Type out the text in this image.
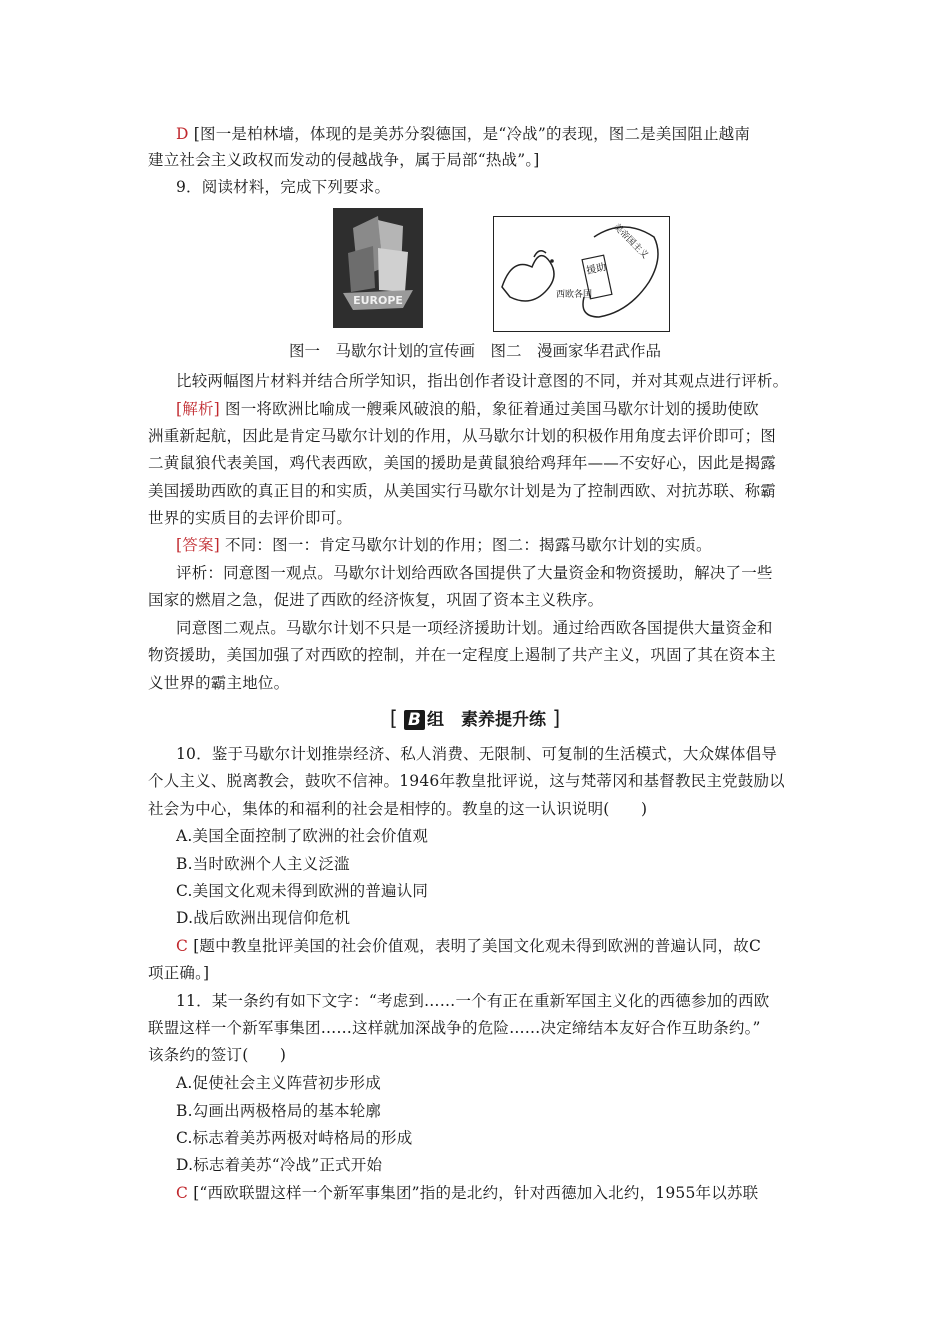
D [图一是柏林墙，体现的是美苏分裂德国，是“冷战”的表现，图二是美国阻止越南
建立社会主义政权而发动的侵越战争，属于局部“热战”。]
9．阅读材料，完成下列要求。
EUROPE
援助
美帝国主义
西欧各国
图一　马歇尔计划的宣传画　图二　漫画家华君武作品
比较两幅图片材料并结合所学知识，指出创作者设计意图的不同，并对其观点进行评析。
[解析] 图一将欧洲比喻成一艘乘风破浪的船，象征着通过美国马歇尔计划的援助使欧
洲重新起航，因此是肯定马歇尔计划的作用，从马歇尔计划的积极作用角度去评价即可；图
二黄鼠狼代表美国，鸡代表西欧，美国的援助是黄鼠狼给鸡拜年——不安好心，因此是揭露
美国援助西欧的真正目的和实质，从美国实行马歇尔计划是为了控制西欧、对抗苏联、称霸
世界的实质目的去评价即可。
[答案] 不同：图一：肯定马歇尔计划的作用；图二：揭露马歇尔计划的实质。
评析：同意图一观点。马歇尔计划给西欧各国提供了大量资金和物资援助，解决了一些
国家的燃眉之急，促进了西欧的经济恢复，巩固了资本主义秩序。
同意图二观点。马歇尔计划不只是一项经济援助计划。通过给西欧各国提供大量资金和
物资援助，美国加强了对西欧的控制，并在一定程度上遏制了共产主义，巩固了其在资本主
义世界的霸主地位。
[ B 组　素养提升练 ]
10．鉴于马歇尔计划推崇经济、私人消费、无限制、可复制的生活模式，大众媒体倡导
个人主义、脱离教会，鼓吹不信神。1946年教皇批评说，这与梵蒂冈和基督教民主党鼓励以
社会为中心，集体的和福利的社会是相悖的。教皇的这一认识说明(　　)
A.美国全面控制了欧洲的社会价值观
B.当时欧洲个人主义泛滥
C.美国文化观未得到欧洲的普遍认同
D.战后欧洲出现信仰危机
C [题中教皇批评美国的社会价值观，表明了美国文化观未得到欧洲的普遍认同，故C
项正确。]
11．某一条约有如下文字：“考虑到……一个有正在重新军国主义化的西德参加的西欧
联盟这样一个新军事集团……这样就加深战争的危险……决定缔结本友好合作互助条约。”
该条约的签订(　　)
A.促使社会主义阵营初步形成
B.勾画出两极格局的基本轮廓
C.标志着美苏两极对峙格局的形成
D.标志着美苏“冷战”正式开始
C [“西欧联盟这样一个新军事集团”指的是北约，针对西德加入北约，1955年以苏联
